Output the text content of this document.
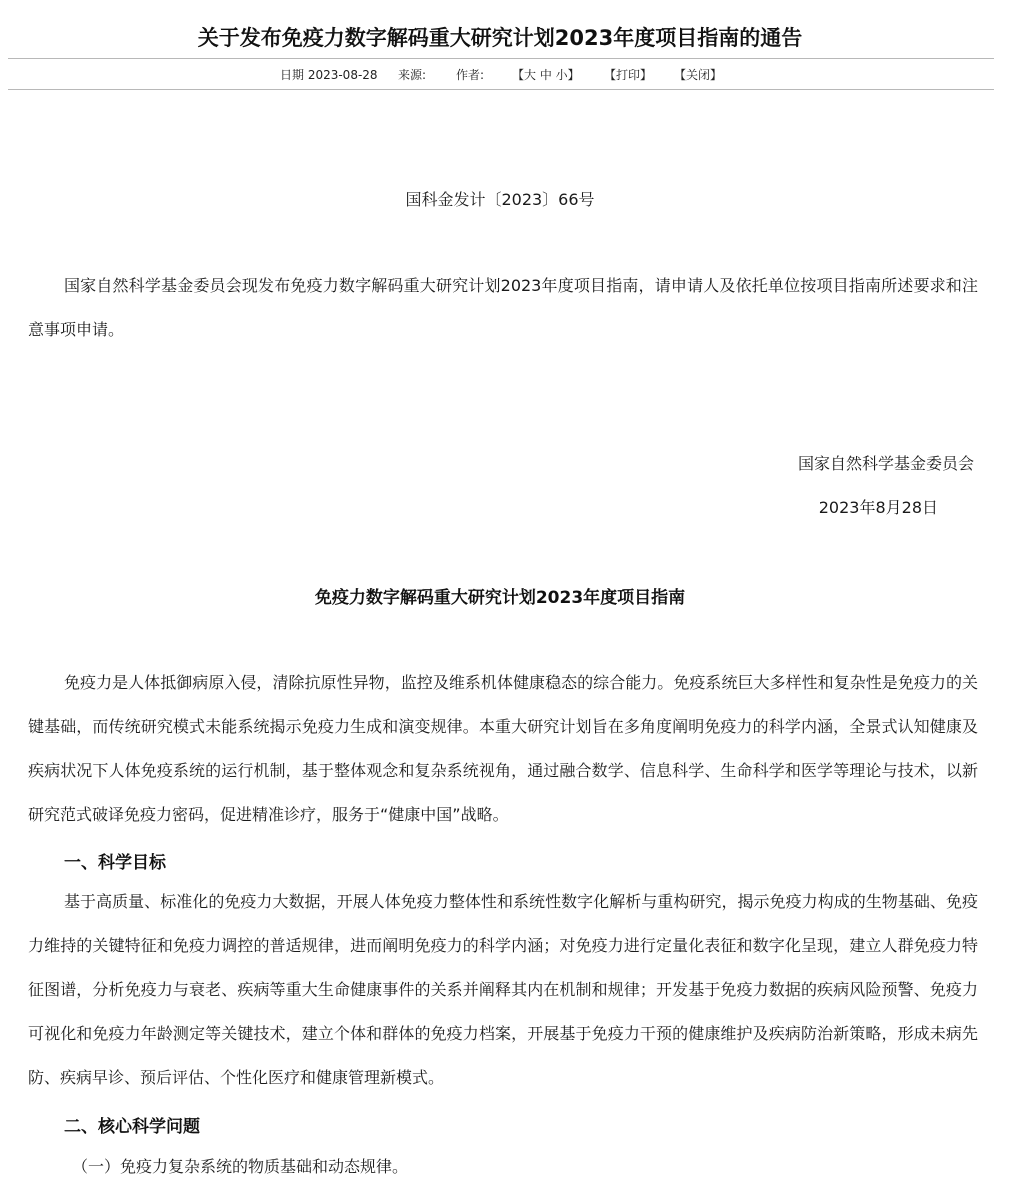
关于发布免疫力数字解码重大研究计划2023年度项目指南的通告
日期 2023-08-28 来源: 作者: 【大 中 小】 【打印】 【关闭】
国科金发计〔2023〕66号
国家自然科学基金委员会现发布免疫力数字解码重大研究计划2023年度项目指南，请申请人及依托单位按项目指南所述要求和注意事项申请。
国家自然科学基金委员会
2023年8月28日
免疫力数字解码重大研究计划2023年度项目指南
免疫力是人体抵御病原入侵，清除抗原性异物，监控及维系机体健康稳态的综合能力。免疫系统巨大多样性和复杂性是免疫力的关键基础，而传统研究模式未能系统揭示免疫力生成和演变规律。本重大研究计划旨在多角度阐明免疫力的科学内涵，全景式认知健康及疾病状况下人体免疫系统的运行机制，基于整体观念和复杂系统视角，通过融合数学、信息科学、生命科学和医学等理论与技术，以新研究范式破译免疫力密码，促进精准诊疗，服务于“健康中国”战略。
一、科学目标
基于高质量、标准化的免疫力大数据，开展人体免疫力整体性和系统性数字化解析与重构研究，揭示免疫力构成的生物基础、免疫力维持的关键特征和免疫力调控的普适规律，进而阐明免疫力的科学内涵；对免疫力进行定量化表征和数字化呈现，建立人群免疫力特征图谱，分析免疫力与衰老、疾病等重大生命健康事件的关系并阐释其内在机制和规律；开发基于免疫力数据的疾病风险预警、免疫力可视化和免疫力年龄测定等关键技术，建立个体和群体的免疫力档案，开展基于免疫力干预的健康维护及疾病防治新策略，形成未病先防、疾病早诊、预后评估、个性化医疗和健康管理新模式。
二、核心科学问题
（一）免疫力复杂系统的物质基础和动态规律。
